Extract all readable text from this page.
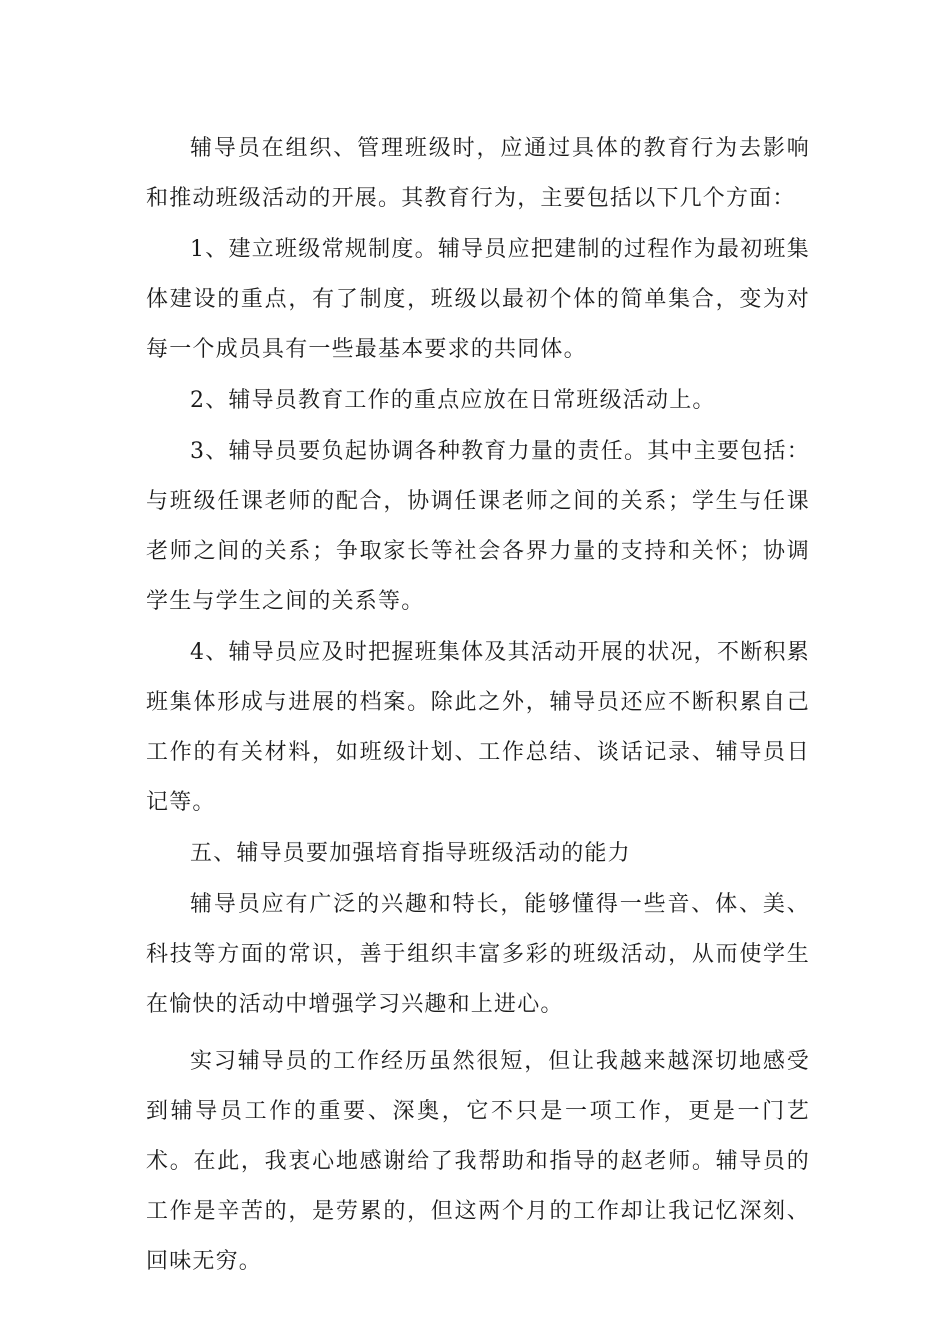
辅导员在组织、管理班级时，应通过具体的教育行为去影响和推动班级活动的开展。其教育行为，主要包括以下几个方面：

1、建立班级常规制度。辅导员应把建制的过程作为最初班集体建设的重点，有了制度，班级以最初个体的简单集合，变为对每一个成员具有一些最基本要求的共同体。

2、辅导员教育工作的重点应放在日常班级活动上。

3、辅导员要负起协调各种教育力量的责任。其中主要包括：与班级任课老师的配合，协调任课老师之间的关系；学生与任课老师之间的关系；争取家长等社会各界力量的支持和关怀；协调学生与学生之间的关系等。

4、辅导员应及时把握班集体及其活动开展的状况，不断积累班集体形成与进展的档案。除此之外，辅导员还应不断积累自己工作的有关材料，如班级计划、工作总结、谈话记录、辅导员日记等。

五、辅导员要加强培育指导班级活动的能力

辅导员应有广泛的兴趣和特长，能够懂得一些音、体、美、科技等方面的常识，善于组织丰富多彩的班级活动，从而使学生在愉快的活动中增强学习兴趣和上进心。

实习辅导员的工作经历虽然很短，但让我越来越深切地感受到辅导员工作的重要、深奥，它不只是一项工作，更是一门艺术。在此，我衷心地感谢给了我帮助和指导的赵老师。辅导员的工作是辛苦的，是劳累的，但这两个月的工作却让我记忆深刻、回味无穷。
